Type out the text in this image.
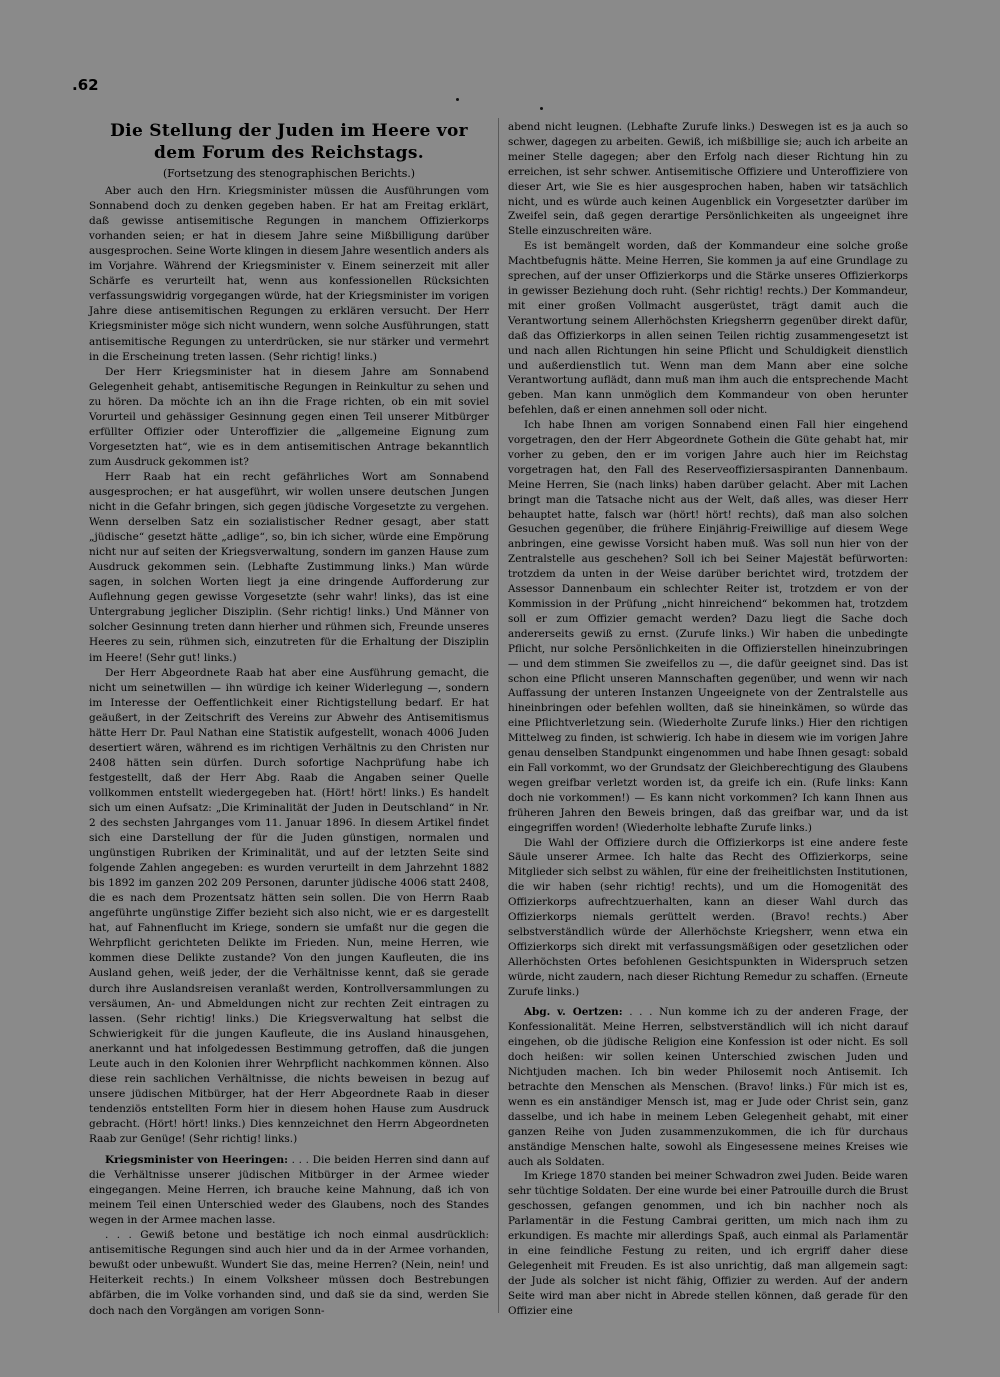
.62
Die Stellung der Juden im Heere vor dem Forum des Reichstags.
(Fortsetzung des stenographischen Berichts.)

Aber auch den Hrn. Kriegsminister müssen die Ausführungen vom Sonnabend doch zu denken gegeben haben. Er hat am Freitag erklärt, daß gewisse antisemitische Regungen in manchem Offizierkorps vorhanden seien; er hat in diesem Jahre seine Mißbilligung darüber ausgesprochen. Seine Worte klingen in diesem Jahre wesentlich anders als im Vorjahre. Während der Kriegsminister v. Einem seinerzeit mit aller Schärfe es verurteilt hat, wenn aus konfessionellen Rücksichten verfassungswidrig vorgegangen würde, hat der Kriegsminister im vorigen Jahre diese antisemitischen Regungen zu erklären versucht. Der Herr Kriegsminister möge sich nicht wundern, wenn solche Ausführungen, statt antisemitische Regungen zu unterdrücken, sie nur stärker und vermehrt in die Erscheinung treten lassen. (Sehr richtig! links.)

Der Herr Kriegsminister hat in diesem Jahre am Sonnabend Gelegenheit gehabt, antisemitische Regungen in Reinkultur zu sehen und zu hören. Da möchte ich an ihn die Frage richten, ob ein mit soviel Vorurteil und gehässiger Gesinnung gegen einen Teil unserer Mitbürger erfüllter Offizier oder Unteroffizier die „allgemeine Eignung zum Vorgesetzten hat“, wie es in dem antisemitischen Antrage bekanntlich zum Ausdruck gekommen ist?

Herr Raab hat ein recht gefährliches Wort am Sonnabend ausgesprochen; er hat ausgeführt, wir wollen unsere deutschen Jungen nicht in die Gefahr bringen, sich gegen jüdische Vorgesetzte zu vergehen. Wenn derselben Satz ein sozialistischer Redner gesagt, aber statt „jüdische“ gesetzt hätte „adlige“, so, bin ich sicher, würde eine Empörung nicht nur auf seiten der Kriegsverwaltung, sondern im ganzen Hause zum Ausdruck gekommen sein. (Lebhafte Zustimmung links.) Man würde sagen, in solchen Worten liegt ja eine dringende Aufforderung zur Auflehnung gegen gewisse Vorgesetzte (sehr wahr! links), das ist eine Untergrabung jeglicher Disziplin. (Sehr richtig! links.) Und Männer von solcher Gesinnung treten dann hierher und rühmen sich, Freunde unseres Heeres zu sein, rühmen sich, einzutreten für die Erhaltung der Disziplin im Heere! (Sehr gut! links.)

Der Herr Abgeordnete Raab hat aber eine Ausführung gemacht, die nicht um seinetwillen — ihn würdige ich keiner Widerlegung —, sondern im Interesse der Oeffentlichkeit einer Richtigstellung bedarf. Er hat geäußert, in der Zeitschrift des Vereins zur Abwehr des Antisemitismus hätte Herr Dr. Paul Nathan eine Statistik aufgestellt, wonach 4006 Juden desertiert wären, während es im richtigen Verhältnis zu den Christen nur 2408 hätten sein dürfen. Durch sofortige Nachprüfung habe ich festgestellt, daß der Herr Abg. Raab die Angaben seiner Quelle vollkommen entstellt wiedergegeben hat. (Hört! hört! links.) Es handelt sich um einen Aufsatz: „Die Kriminalität der Juden in Deutschland“ in Nr. 2 des sechsten Jahrganges vom 11. Januar 1896. In diesem Artikel findet sich eine Darstellung der für die Juden günstigen, normalen und ungünstigen Rubriken der Kriminalität, und auf der letzten Seite sind folgende Zahlen angegeben: es wurden verurteilt in dem Jahrzehnt 1882 bis 1892 im ganzen 202 209 Personen, darunter jüdische 4006 statt 2408, die es nach dem Prozentsatz hätten sein sollen. Die von Herrn Raab angeführte ungünstige Ziffer bezieht sich also nicht, wie er es dargestellt hat, auf Fahnenflucht im Kriege, sondern sie umfaßt nur die gegen die Wehrpflicht gerichteten Delikte im Frieden. Nun, meine Herren, wie kommen diese Delikte zustande? Von den jungen Kaufleuten, die ins Ausland gehen, weiß jeder, der die Verhältnisse kennt, daß sie gerade durch ihre Auslandsreisen veranlaßt werden, Kontrollversammlungen zu versäumen, An- und Abmeldungen nicht zur rechten Zeit eintragen zu lassen. (Sehr richtig! links.) Die Kriegsverwaltung hat selbst die Schwierigkeit für die jungen Kaufleute, die ins Ausland hinausgehen, anerkannt und hat infolgedessen Bestimmung getroffen, daß die jungen Leute auch in den Kolonien ihrer Wehrpflicht nachkommen können. Also diese rein sachlichen Verhältnisse, die nichts beweisen in bezug auf unsere jüdischen Mitbürger, hat der Herr Abgeordnete Raab in dieser tendenziös entstellten Form hier in diesem hohen Hause zum Ausdruck gebracht. (Hört! hört! links.) Dies kennzeichnet den Herrn Abgeordneten Raab zur Genüge! (Sehr richtig! links.)

Kriegsminister von Heeringen: . . . Die beiden Herren sind dann auf die Verhältnisse unserer jüdischen Mitbürger in der Armee wieder eingegangen. Meine Herren, ich brauche keine Mahnung, daß ich von meinem Teil einen Unterschied weder des Glaubens, noch des Standes wegen in der Armee machen lasse.

. . . Gewiß betone und bestätige ich noch einmal ausdrücklich: antisemitische Regungen sind auch hier und da in der Armee vorhanden, bewußt oder unbewußt. Wundert Sie das, meine Herren? (Nein, nein! und Heiterkeit rechts.) In einem Volksheer müssen doch Bestrebungen abfärben, die im Volke vorhanden sind, und daß sie da sind, werden Sie doch nach den Vorgängen am vorigen Sonn-

abend nicht leugnen. (Lebhafte Zurufe links.) Deswegen ist es ja auch so schwer, dagegen zu arbeiten. Gewiß, ich mißbillige sie; auch ich arbeite an meiner Stelle dagegen; aber den Erfolg nach dieser Richtung hin zu erreichen, ist sehr schwer. Antisemitische Offiziere und Unteroffiziere von dieser Art, wie Sie es hier ausgesprochen haben, haben wir tatsächlich nicht, und es würde auch keinen Augenblick ein Vorgesetzter darüber im Zweifel sein, daß gegen derartige Persönlichkeiten als ungeeignet ihre Stelle einzuschreiten wäre.

Es ist bemängelt worden, daß der Kommandeur eine solche große Machtbefugnis hätte. Meine Herren, Sie kommen ja auf eine Grundlage zu sprechen, auf der unser Offizierkorps und die Stärke unseres Offizierkorps in gewisser Beziehung doch ruht. (Sehr richtig! rechts.) Der Kommandeur, mit einer großen Vollmacht ausgerüstet, trägt damit auch die Verantwortung seinem Allerhöchsten Kriegsherrn gegenüber direkt dafür, daß das Offizierkorps in allen seinen Teilen richtig zusammengesetzt ist und nach allen Richtungen hin seine Pflicht und Schuldigkeit dienstlich und außerdienstlich tut. Wenn man dem Mann aber eine solche Verantwortung auflädt, dann muß man ihm auch die entsprechende Macht geben. Man kann unmöglich dem Kommandeur von oben herunter befehlen, daß er einen annehmen soll oder nicht.

Ich habe Ihnen am vorigen Sonnabend einen Fall hier eingehend vorgetragen, den der Herr Abgeordnete Gothein die Güte gehabt hat, mir vorher zu geben, den er im vorigen Jahre auch hier im Reichstag vorgetragen hat, den Fall des Reserveoffiziersaspiranten Dannenbaum. Meine Herren, Sie (nach links) haben darüber gelacht. Aber mit Lachen bringt man die Tatsache nicht aus der Welt, daß alles, was dieser Herr behauptet hatte, falsch war (hört! hört! rechts), daß man also solchen Gesuchen gegenüber, die frühere Einjährig-Freiwillige auf diesem Wege anbringen, eine gewisse Vorsicht haben muß. Was soll nun hier von der Zentralstelle aus geschehen? Soll ich bei Seiner Majestät befürworten: trotzdem da unten in der Weise darüber berichtet wird, trotzdem der Assessor Dannenbaum ein schlechter Reiter ist, trotzdem er von der Kommission in der Prüfung „nicht hinreichend“ bekommen hat, trotzdem soll er zum Offizier gemacht werden? Dazu liegt die Sache doch andererseits gewiß zu ernst. (Zurufe links.) Wir haben die unbedingte Pflicht, nur solche Persönlichkeiten in die Offizierstellen hineinzubringen — und dem stimmen Sie zweifellos zu —, die dafür geeignet sind. Das ist schon eine Pflicht unseren Mannschaften gegenüber, und wenn wir nach Auffassung der unteren Instanzen Ungeeignete von der Zentralstelle aus hineinbringen oder befehlen wollten, daß sie hineinkämen, so würde das eine Pflichtverletzung sein. (Wiederholte Zurufe links.) Hier den richtigen Mittelweg zu finden, ist schwierig. Ich habe in diesem wie im vorigen Jahre genau denselben Standpunkt eingenommen und habe Ihnen gesagt: sobald ein Fall vorkommt, wo der Grundsatz der Gleichberechtigung des Glaubens wegen greifbar verletzt worden ist, da greife ich ein. (Rufe links: Kann doch nie vorkommen!) — Es kann nicht vorkommen? Ich kann Ihnen aus früheren Jahren den Beweis bringen, daß das greifbar war, und da ist eingegriffen worden! (Wiederholte lebhafte Zurufe links.)

Die Wahl der Offiziere durch die Offizierkorps ist eine andere feste Säule unserer Armee. Ich halte das Recht des Offizierkorps, seine Mitglieder sich selbst zu wählen, für eine der freiheitlichsten Institutionen, die wir haben (sehr richtig! rechts), und um die Homogenität des Offizierkorps aufrechtzuerhalten, kann an dieser Wahl durch das Offizierkorps niemals gerüttelt werden. (Bravo! rechts.) Aber selbstverständlich würde der Allerhöchste Kriegsherr, wenn etwa ein Offizierkorps sich direkt mit verfassungsmäßigen oder gesetzlichen oder Allerhöchsten Ortes befohlenen Gesichtspunkten in Widerspruch setzen würde, nicht zaudern, nach dieser Richtung Remedur zu schaffen. (Erneute Zurufe links.)

Abg. v. Oertzen: . . . Nun komme ich zu der anderen Frage, der Konfessionalität. Meine Herren, selbstverständlich will ich nicht darauf eingehen, ob die jüdische Religion eine Konfession ist oder nicht. Es soll doch heißen: wir sollen keinen Unterschied zwischen Juden und Nichtjuden machen. Ich bin weder Philosemit noch Antisemit. Ich betrachte den Menschen als Menschen. (Bravo! links.) Für mich ist es, wenn es ein anständiger Mensch ist, mag er Jude oder Christ sein, ganz dasselbe, und ich habe in meinem Leben Gelegenheit gehabt, mit einer ganzen Reihe von Juden zusammenzukommen, die ich für durchaus anständige Menschen halte, sowohl als Eingesessene meines Kreises wie auch als Soldaten.

Im Kriege 1870 standen bei meiner Schwadron zwei Juden. Beide waren sehr tüchtige Soldaten. Der eine wurde bei einer Patrouille durch die Brust geschossen, gefangen genommen, und ich bin nachher noch als Parlamentär in die Festung Cambrai geritten, um mich nach ihm zu erkundigen. Es machte mir allerdings Spaß, auch einmal als Parlamentär in eine feindliche Festung zu reiten, und ich ergriff daher diese Gelegenheit mit Freuden. Es ist also unrichtig, daß man allgemein sagt: der Jude als solcher ist nicht fähig, Offizier zu werden. Auf der andern Seite wird man aber nicht in Abrede stellen können, daß gerade für den Offizier eine
